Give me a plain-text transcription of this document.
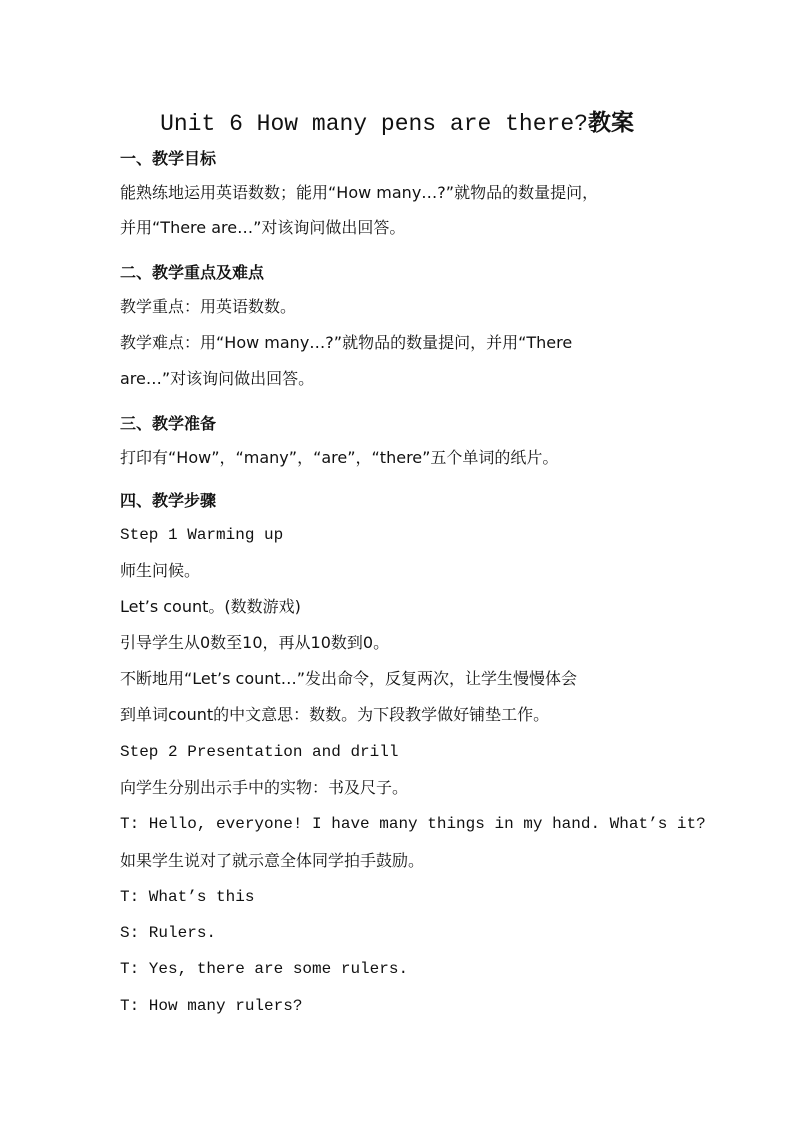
Unit 6 How many pens are there?教案
一、教学目标
能熟练地运用英语数数；能用“How many…?”就物品的数量提问，
并用“There are…”对该询问做出回答。
二、教学重点及难点
教学重点：用英语数数。
教学难点：用“How many…?”就物品的数量提问，并用“There
are…”对该询问做出回答。
三、教学准备
打印有“How”，“many”，“are”，“there”五个单词的纸片。
四、教学步骤
Step 1 Warming up
师生问候。
Let’s count。(数数游戏)
引导学生从0数至10，再从10数到0。
不断地用“Let’s count…”发出命令，反复两次，让学生慢慢体会
到单词count的中文意思：数数。为下段教学做好铺垫工作。
Step 2 Presentation and drill
向学生分别出示手中的实物：书及尺子。
T: Hello, everyone! I have many things in my hand. What’s it?
如果学生说对了就示意全体同学拍手鼓励。
T: What’s this
S: Rulers.
T: Yes, there are some rulers.
T: How many rulers?
